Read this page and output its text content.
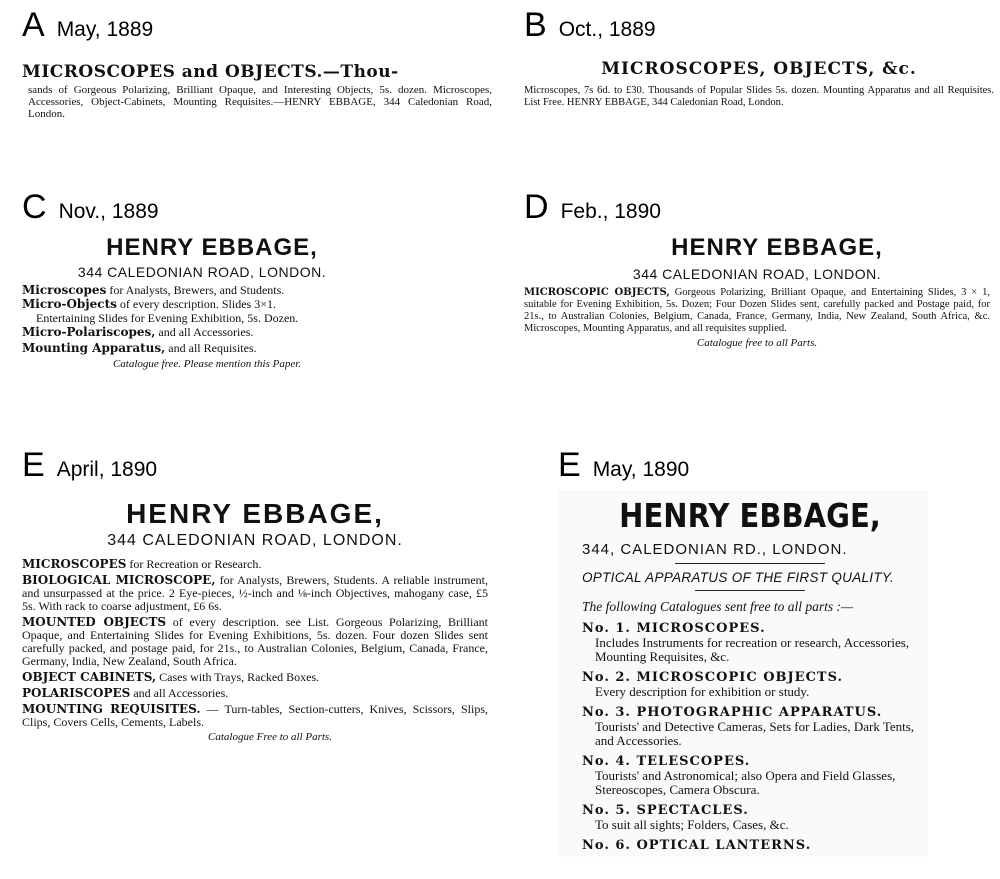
A May, 1889

MICROSCOPES and OBJECTS.—Thou-

sands of Gorgeous Polarizing, Brilliant Opaque, and Interesting Objects, 5s. dozen. Microscopes, Accessories, Object-Cabinets, Mounting Requisites.—HENRY EBBAGE, 344 Caledonian Road, London.

B Oct., 1889

MICROSCOPES, OBJECTS, &c.

Microscopes, 7s 6d. to £30. Thousands of Popular Slides 5s. dozen. Mounting Apparatus and all Requisites. List Free. HENRY EBBAGE, 344 Caledonian Road, London.

C Nov., 1889

HENRY EBBAGE,

344 CALEDONIAN ROAD, LONDON.

Microscopes for Analysts, Brewers, and Students.

Micro-Objects of every description. Slides 3×1.

Entertaining Slides for Evening Exhibition, 5s. Dozen.

Micro-Polariscopes, and all Accessories.

Mounting Apparatus, and all Requisites.

Catalogue free. Please mention this Paper.

D Feb., 1890

HENRY EBBAGE,

344 CALEDONIAN ROAD, LONDON.

MICROSCOPIC OBJECTS, Gorgeous Polarizing, Brilliant Opaque, and Entertaining Slides, 3 × 1, suitable for Evening Exhibition, 5s. Dozen; Four Dozen Slides sent, carefully packed and Postage paid, for 21s., to Australian Colonies, Belgium, Canada, France, Germany, India, New Zealand, South Africa, &c. Microscopes, Mounting Apparatus, and all requisites supplied.

Catalogue free to all Parts.

E April, 1890

HENRY EBBAGE,

344 CALEDONIAN ROAD, LONDON.

MICROSCOPES for Recreation or Research.

BIOLOGICAL MICROSCOPE, for Analysts, Brewers, Students. A reliable instrument, and unsurpassed at the price. 2 Eye-pieces, ½-inch and ⅛-inch Objectives, mahogany case, £5 5s. With rack to coarse adjustment, £6 6s.

MOUNTED OBJECTS of every description. see List. Gorgeous Polarizing, Brilliant Opaque, and Entertaining Slides for Evening Exhibitions, 5s. dozen. Four dozen Slides sent carefully packed, and postage paid, for 21s., to Australian Colonies, Belgium, Canada, France, Germany, India, New Zealand, South Africa.

OBJECT CABINETS, Cases with Trays, Racked Boxes.

POLARISCOPES and all Accessories.

MOUNTING REQUISITES. — Turn-tables, Section-cutters, Knives, Scissors, Slips, Clips, Covers Cells, Cements, Labels.

Catalogue Free to all Parts.

E May, 1890

HENRY EBBAGE,

344, CALEDONIAN RD., LONDON.

OPTICAL APPARATUS OF THE FIRST QUALITY.

The following Catalogues sent free to all parts :—

No. 1. MICROSCOPES.

Includes Instruments for recreation or research, Accessories, Mounting Requisites, &c.

No. 2. MICROSCOPIC OBJECTS.

Every description for exhibition or study.

No. 3. PHOTOGRAPHIC APPARATUS.

Tourists' and Detective Cameras, Sets for Ladies, Dark Tents, and Accessories.

No. 4. TELESCOPES.

Tourists' and Astronomical; also Opera and Field Glasses, Stereoscopes, Camera Obscura.

No. 5. SPECTACLES.

To suit all sights; Folders, Cases, &c.

No. 6. OPTICAL LANTERNS.
